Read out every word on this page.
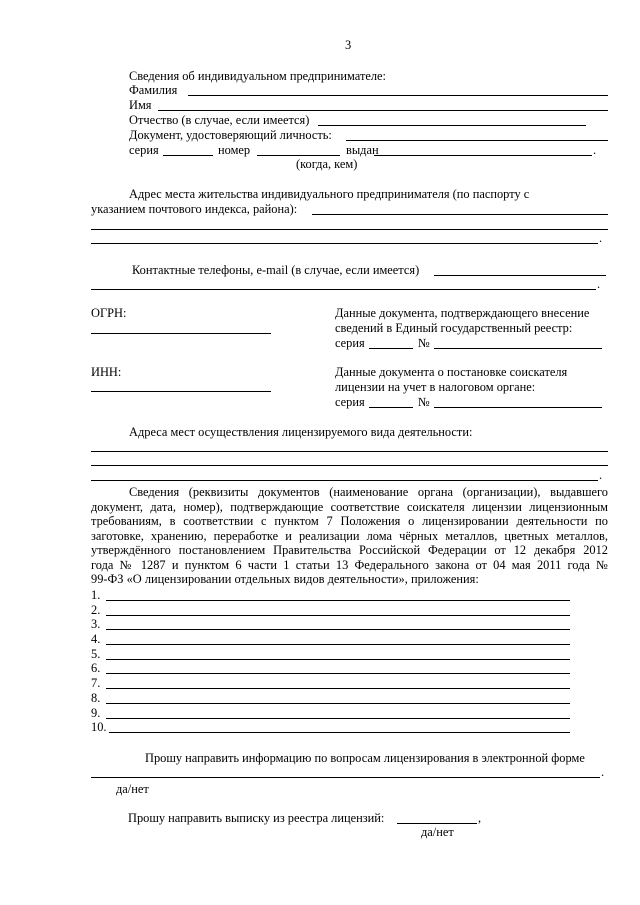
3
Сведения об индивидуальном предпринимателе:
Фамилия
Имя
Отчество (в случае, если имеется)
Документ, удостоверяющий личность:
серия	номер	выдан	.
(когда, кем)
Адрес места жительства индивидуального предпринимателя (по паспорту с
указанием почтового индекса, района):
.
Контактные телефоны, e-mail (в случае, если имеется)
.
ОГРН:	Данные документа, подтверждающего внесение
сведений в Единый государственный реестр:
серия	№
ИНН:	Данные документа о постановке соискателя
лицензии на учет в налоговом органе:
серия	№
Адреса мест осуществления лицензируемого вида деятельности:
.
Сведения (реквизиты документов (наименование органа (организации), выдавшего
документ, дата, номер), подтверждающие соответствие соискателя лицензии лицензионным
требованиям, в соответствии с пунктом 7 Положения о лицензировании деятельности по
заготовке, хранению, переработке и реализации лома чёрных металлов, цветных металлов,
утверждённого постановлением Правительства Российской Федерации от 12 декабря 2012
года № 1287 и пунктом 6 части 1 статьи 13 Федерального закона от 04 мая 2011 года №
99-ФЗ «О лицензировании отдельных видов деятельности», приложения:
1.
2.
3.
4.
5.
6.
7.
8.
9.
10.
Прошу направить информацию по вопросам лицензирования в электронной форме
.
да/нет
Прошу направить выписку из реестра лицензий:	,
да/нет
